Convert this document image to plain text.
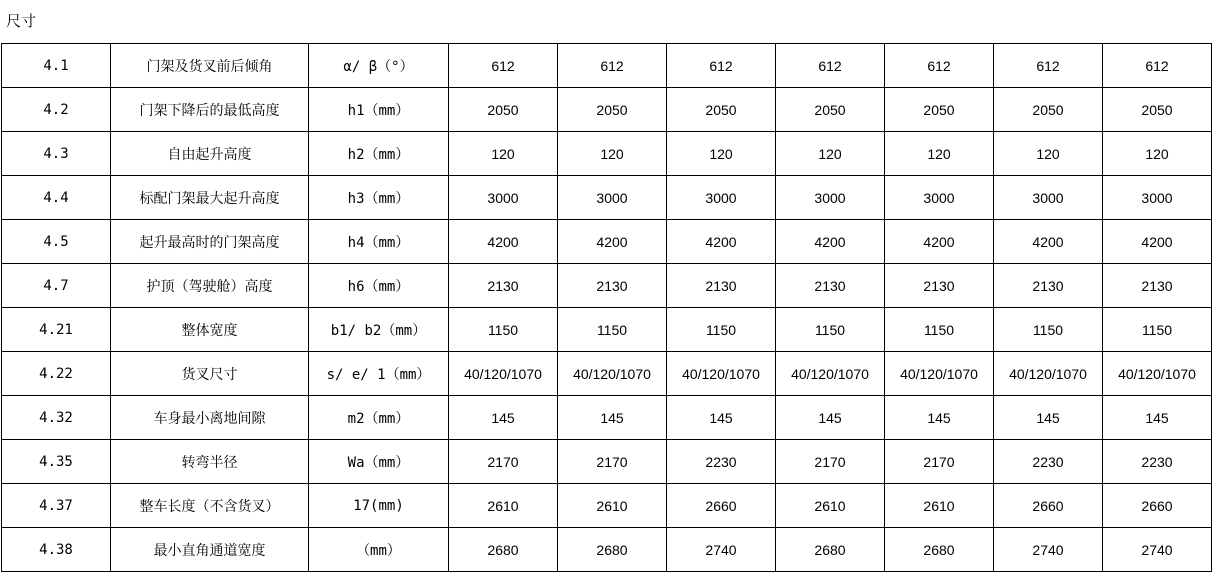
尺寸
4.1	门架及货叉前后倾角	α/ β（°）	612	612	612	612	612	612	612
4.2	门架下降后的最低高度	h1（mm）	2050	2050	2050	2050	2050	2050	2050
4.3	自由起升高度	h2（mm）	120	120	120	120	120	120	120
4.4	标配门架最大起升高度	h3（mm）	3000	3000	3000	3000	3000	3000	3000
4.5	起升最高时的门架高度	h4（mm）	4200	4200	4200	4200	4200	4200	4200
4.7	护顶（驾驶舱）高度	h6（mm）	2130	2130	2130	2130	2130	2130	2130
4.21	整体宽度	b1/ b2（mm）	1150	1150	1150	1150	1150	1150	1150
4.22	货叉尺寸	s/ e/ 1（mm）	40/120/1070	40/120/1070	40/120/1070	40/120/1070	40/120/1070	40/120/1070	40/120/1070
4.32	车身最小离地间隙	m2（mm）	145	145	145	145	145	145	145
4.35	转弯半径	Wa（mm）	2170	2170	2230	2170	2170	2230	2230
4.37	整车长度（不含货叉）	17(mm)	2610	2610	2660	2610	2610	2660	2660
4.38	最小直角通道宽度	（mm）	2680	2680	2740	2680	2680	2740	2740
